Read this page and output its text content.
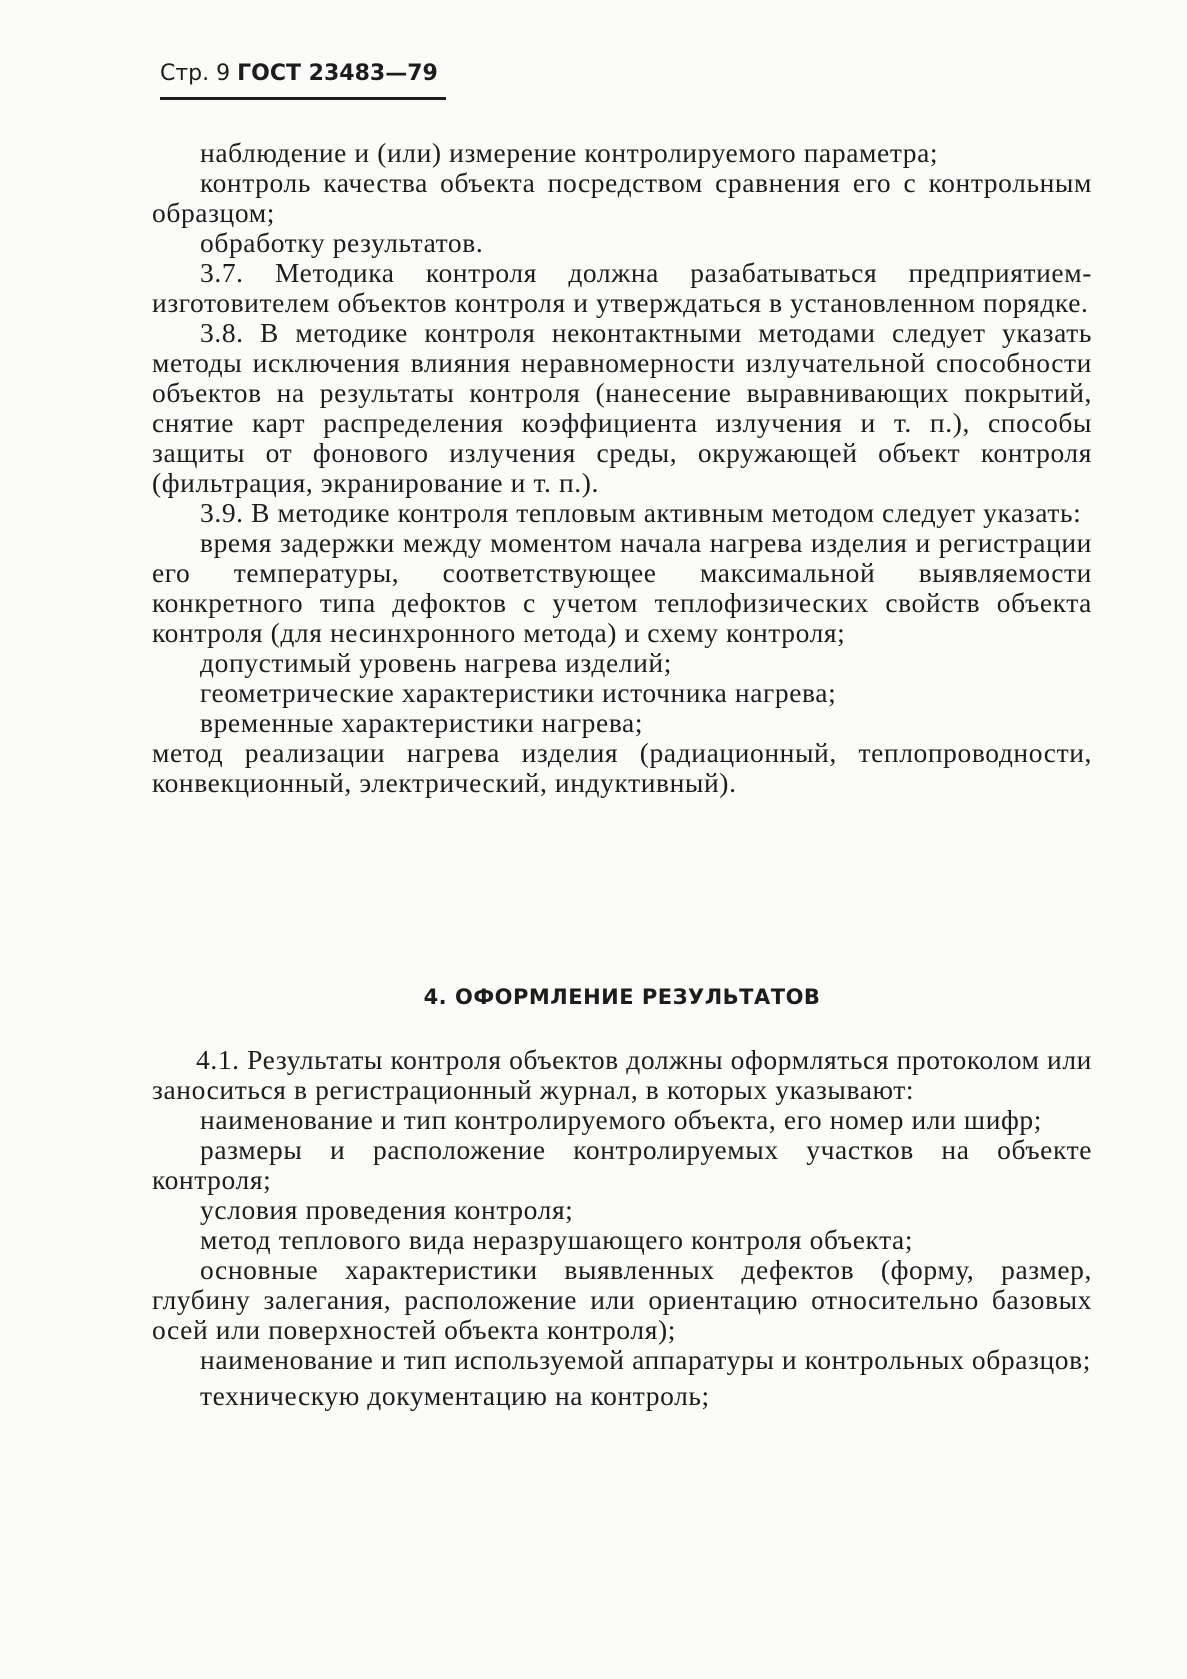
Стр. 9 ГОСТ 23483—79

наблюдение и (или) измерение контролируемого параметра;

контроль качества объекта посредством сравнения его с контрольным образцом;

обработку результатов.

3.7. Методика контроля должна разабатываться предприятием-изготовителем объектов контроля и утверждаться в установленном порядке.

3.8. В методике контроля неконтактными методами следует указать методы исключения влияния неравномерности излучательной способности объектов на результаты контроля (нанесение выравнивающих покрытий, снятие карт распределения коэффициента излучения и т. п.), способы защиты от фонового излучения среды, окружающей объект контроля (фильтрация, экранирование и т. п.).

3.9. В методике контроля тепловым активным методом следует указать:

время задержки между моментом начала нагрева изделия и регистрации его температуры, соответствующее максимальной выявляемости конкретного типа дефоктов с учетом теплофизических свойств объекта контроля (для несинхронного метода) и схему контроля;

допустимый уровень нагрева изделий;

геометрические характеристики источника нагрева;

временные характеристики нагрева;

метод реализации нагрева изделия (радиационный, теплопроводности, конвекционный, электрический, индуктивный).

4. ОФОРМЛЕНИЕ РЕЗУЛЬТАТОВ

4.1. Результаты контроля объектов должны оформляться протоколом или заноситься в регистрационный журнал, в которых указывают:

наименование и тип контролируемого объекта, его номер или шифр;

размеры и расположение контролируемых участков на объекте контроля;

условия проведения контроля;

метод теплового вида неразрушающего контроля объекта;

основные характеристики выявленных дефектов (форму, размер, глубину залегания, расположение или ориентацию относительно базовых осей или поверхностей объекта контроля);

наименование и тип используемой аппаратуры и контрольных образцов;

техническую документацию на контроль;
